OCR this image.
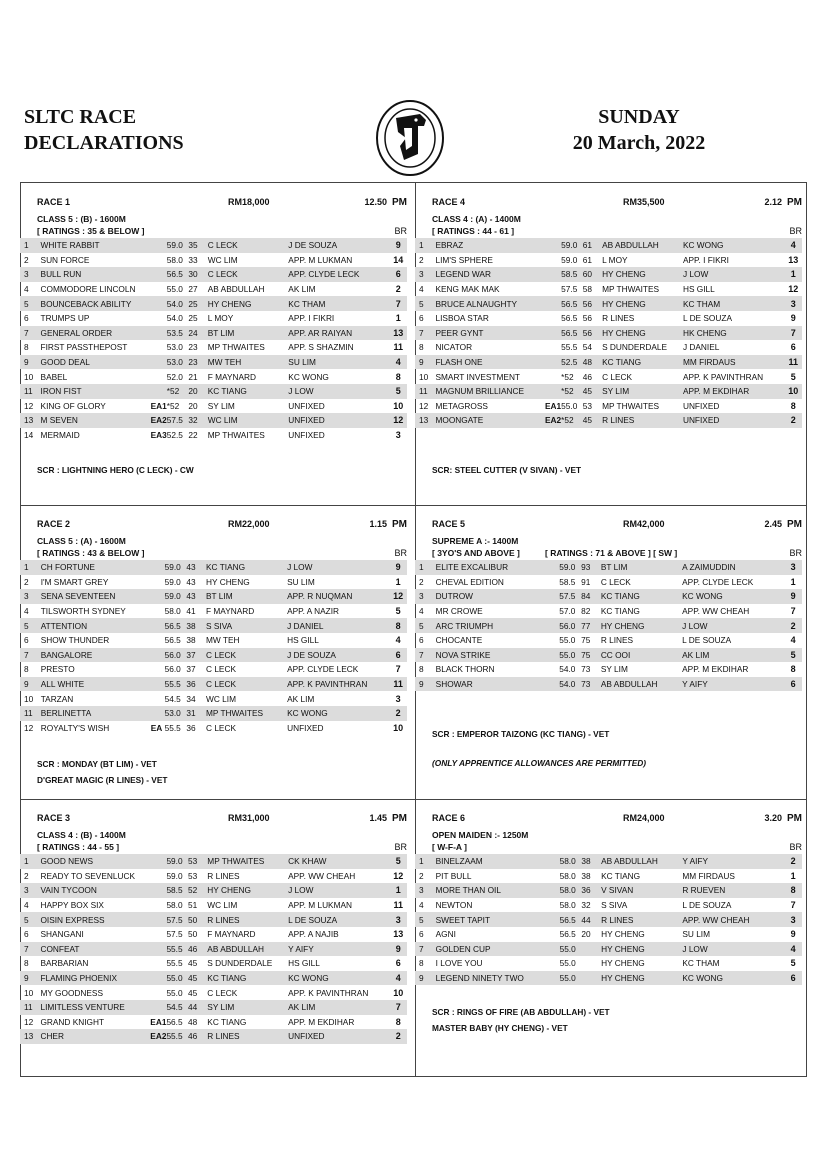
SLTC RACE
DECLARATIONS
SUNDAY
20 March, 2022
RACE 1	RM18,000	12.50 PM
CLASS 5 : (B) - 1600M
[ RATINGS : 35 & BELOW ]	BR
1	WHITE RABBIT		59.0	35	C LECK	J DE SOUZA	9
2	SUN FORCE		58.0	33	WC LIM	APP. M LUKMAN	14
3	BULL RUN		56.5	30	C LECK	APP. CLYDE LECK	6
4	COMMODORE LINCOLN		55.0	27	AB ABDULLAH	AK LIM	2
5	BOUNCEBACK ABILITY		54.0	25	HY CHENG	KC THAM	7
6	TRUMPS UP		54.0	25	L MOY	APP. I FIKRI	1
7	GENERAL ORDER		53.5	24	BT LIM	APP. AR RAIYAN	13
8	FIRST PASSTHEPOST		53.0	23	MP THWAITES	APP. S SHAZMIN	11
9	GOOD DEAL		53.0	23	MW TEH	SU LIM	4
10	BABEL		52.0	21	F MAYNARD	KC WONG	8
11	IRON FIST		*52	20	KC TIANG	J LOW	5
12	KING OF GLORY	EA1	*52	20	SY LIM	UNFIXED	10
13	M SEVEN	EA2	57.5	32	WC LIM	UNFIXED	12
14	MERMAID	EA3	52.5	22	MP THWAITES	UNFIXED	3
SCR : LIGHTNING HERO (C LECK) - CW
RACE 4	RM35,500	2.12 PM
CLASS 4 : (A) - 1400M
[ RATINGS : 44 - 61 ]	BR
1	EBRAZ		59.0	61	AB ABDULLAH	KC WONG	4
2	LIM'S SPHERE		59.0	61	L MOY	APP. I FIKRI	13
3	LEGEND WAR		58.5	60	HY CHENG	J LOW	1
4	KENG MAK MAK		57.5	58	MP THWAITES	HS GILL	12
5	BRUCE ALNAUGHTY		56.5	56	HY CHENG	KC THAM	3
6	LISBOA STAR		56.5	56	R LINES	L DE SOUZA	9
7	PEER GYNT		56.5	56	HY CHENG	HK CHENG	7
8	NICATOR		55.5	54	S DUNDERDALE	J DANIEL	6
9	FLASH ONE		52.5	48	KC TIANG	MM FIRDAUS	11
10	SMART INVESTMENT		*52	46	C LECK	APP. K PAVINTHRAN	5
11	MAGNUM BRILLIANCE		*52	45	SY LIM	APP. M EKDIHAR	10
12	METAGROSS	EA1	55.0	53	MP THWAITES	UNFIXED	8
13	MOONGATE	EA2	*52	45	R LINES	UNFIXED	2
SCR: STEEL CUTTER (V SIVAN) - VET
RACE 2	RM22,000	1.15 PM
CLASS 5 : (A) - 1600M
[ RATINGS : 43 & BELOW ]	BR
1	CH FORTUNE		59.0	43	KC TIANG	J LOW	9
2	I'M SMART GREY		59.0	43	HY CHENG	SU LIM	1
3	SENA SEVENTEEN		59.0	43	BT LIM	APP. R NUQMAN	12
4	TILSWORTH SYDNEY		58.0	41	F MAYNARD	APP. A NAZIR	5
5	ATTENTION		56.5	38	S SIVA	J DANIEL	8
6	SHOW THUNDER		56.5	38	MW TEH	HS GILL	4
7	BANGALORE		56.0	37	C LECK	J DE SOUZA	6
8	PRESTO		56.0	37	C LECK	APP. CLYDE LECK	7
9	ALL WHITE		55.5	36	C LECK	APP. K PAVINTHRAN	11
10	TARZAN		54.5	34	WC LIM	AK LIM	3
11	BERLINETTA		53.0	31	MP THWAITES	KC WONG	2
12	ROYALTY'S WISH	EA	55.5	36	C LECK	UNFIXED	10
SCR : MONDAY (BT LIM) - VET
D'GREAT MAGIC (R LINES) - VET
RACE 5	RM42,000	2.45 PM
SUPREME A :- 1400M
[ 3YO'S AND ABOVE ]	[ RATINGS : 71 & ABOVE ] [ SW ]	BR
1	ELITE EXCALIBUR		59.0	93	BT LIM	A ZAIMUDDIN	3
2	CHEVAL EDITION		58.5	91	C LECK	APP. CLYDE LECK	1
3	DUTROW		57.5	84	KC TIANG	KC WONG	9
4	MR CROWE		57.0	82	KC TIANG	APP. WW CHEAH	7
5	ARC TRIUMPH		56.0	77	HY CHENG	J LOW	2
6	CHOCANTE		55.0	75	R LINES	L DE SOUZA	4
7	NOVA STRIKE		55.0	75	CC OOI	AK LIM	5
8	BLACK THORN		54.0	73	SY LIM	APP. M EKDIHAR	8
9	SHOWAR		54.0	73	AB ABDULLAH	Y AIFY	6
SCR : EMPEROR TAIZONG (KC TIANG) - VET
(ONLY APPRENTICE ALLOWANCES ARE PERMITTED)
RACE 3	RM31,000	1.45 PM
CLASS 4 : (B) - 1400M
[ RATINGS : 44 - 55 ]	BR
1	GOOD NEWS		59.0	53	MP THWAITES	CK KHAW	5
2	READY TO SEVENLUCK		59.0	53	R LINES	APP. WW CHEAH	12
3	VAIN TYCOON		58.5	52	HY CHENG	J LOW	1
4	HAPPY BOX SIX		58.0	51	WC LIM	APP. M LUKMAN	11
5	OISIN EXPRESS		57.5	50	R LINES	L DE SOUZA	3
6	SHANGANI		57.5	50	F MAYNARD	APP. A NAJIB	13
7	CONFEAT		55.5	46	AB ABDULLAH	Y AIFY	9
8	BARBARIAN		55.5	45	S DUNDERDALE	HS GILL	6
9	FLAMING PHOENIX		55.0	45	KC TIANG	KC WONG	4
10	MY GOODNESS		55.0	45	C LECK	APP. K PAVINTHRAN	10
11	LIMITLESS VENTURE		54.5	44	SY LIM	AK LIM	7
12	GRAND KNIGHT	EA1	56.5	48	KC TIANG	APP. M EKDIHAR	8
13	CHER	EA2	55.5	46	R LINES	UNFIXED	2
RACE 6	RM24,000	3.20 PM
OPEN MAIDEN :- 1250M
[ W-F-A ]	BR
1	BINELZAAM		58.0	38	AB ABDULLAH	Y AIFY	2
2	PIT BULL		58.0	38	KC TIANG	MM FIRDAUS	1
3	MORE THAN OIL		58.0	36	V SIVAN	R RUEVEN	8
4	NEWTON		58.0	32	S SIVA	L DE SOUZA	7
5	SWEET TAPIT		56.5	44	R LINES	APP. WW CHEAH	3
6	AGNI		56.5	20	HY CHENG	SU LIM	9
7	GOLDEN CUP		55.0		HY CHENG	J LOW	4
8	I LOVE YOU		55.0		HY CHENG	KC THAM	5
9	LEGEND NINETY TWO		55.0		HY CHENG	KC WONG	6
SCR : RINGS OF FIRE (AB ABDULLAH) - VET
MASTER BABY (HY CHENG) - VET
